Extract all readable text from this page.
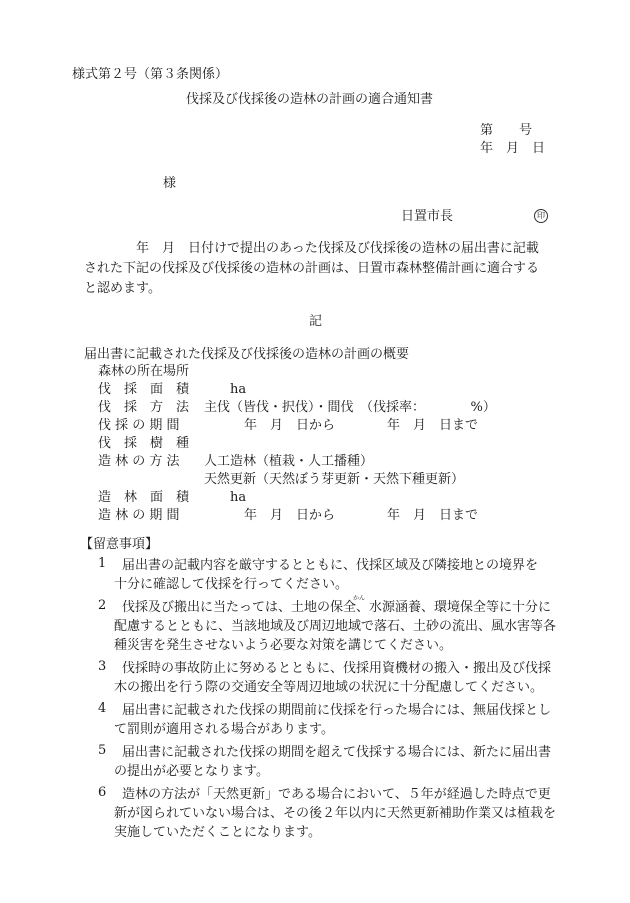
様式第２号（第３条関係）
伐採及び伐採後の造林の計画の適合通知書
第　　号
年　月　日
様
日置市長	印
年　月　日付けで提出のあった伐採及び伐採後の造林の届出書に記載
された下記の伐採及び伐採後の造林の計画は、日置市森林整備計画に適合する
と認めます。
記
届出書に記載された伐採及び伐採後の造林の計画の概要
森林の所在場所
伐　採　面　積	ha
伐　採　方　法 主伐（皆伐・択伐）・間伐　（伐採率：　　　　%）
伐 採 の 期 間	年　月　日から　　　　年　月　日まで
伐　採　樹　種
造 林 の 方 法 人工造林（植栽・人工播種）
天然更新（天然ぼう芽更新・天然下種更新）
造　林　面　積	ha
造 林 の 期 間	年　月　日から　　　　年　月　日まで
【留意事項】
1	届出書の記載内容を厳守するとともに、伐採区域及び隣接地との境界を
十分に確認して伐採を行ってください。
2	かん
伐採及び搬出に当たっては、土地の保全、水源涵養、環境保全等に十分に
配慮するとともに、当該地域及び周辺地域で落石、土砂の流出、風水害等各
種災害を発生させないよう必要な対策を講じてください。
3	伐採時の事故防止に努めるとともに、伐採用資機材の搬入・搬出及び伐採
木の搬出を行う際の交通安全等周辺地域の状況に十分配慮してください。
4	届出書に記載された伐採の期間前に伐採を行った場合には、無届伐採とし
て罰則が適用される場合があります。
5	届出書に記載された伐採の期間を超えて伐採する場合には、新たに届出書
の提出が必要となります。
6	造林の方法が「天然更新」である場合において、５年が経過した時点で更
新が図られていない場合は、その後２年以内に天然更新補助作業又は植栽を
実施していただくことになります。
